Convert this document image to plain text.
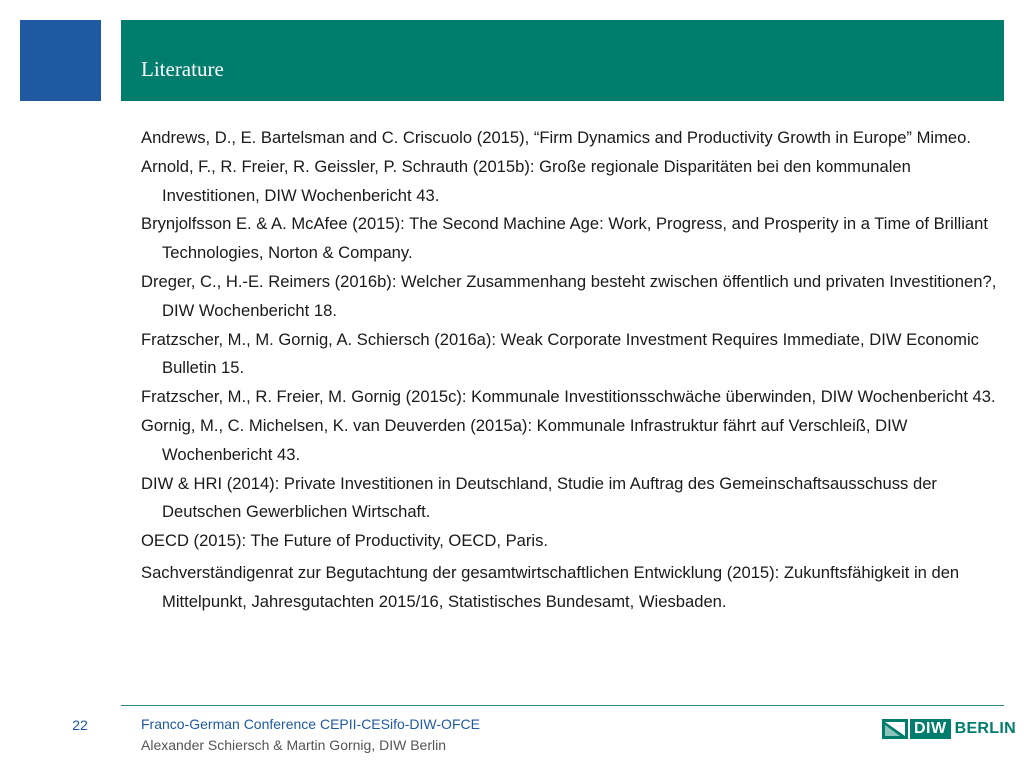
Literature

Andrews, D., E. Bartelsman and C. Criscuolo (2015), “Firm Dynamics and Productivity Growth in Europe” Mimeo.

Arnold, F., R. Freier, R. Geissler, P. Schrauth (2015b): Große regionale Disparitäten bei den kommunalen Investitionen, DIW Wochenbericht 43.

Brynjolfsson E. & A. McAfee (2015): The Second Machine Age: Work, Progress, and Prosperity in a Time of Brilliant Technologies, Norton & Company.

Dreger, C., H.-E. Reimers (2016b): Welcher Zusammenhang besteht zwischen öffentlich und privaten Investitionen?, DIW Wochenbericht 18.

Fratzscher, M., M. Gornig, A. Schiersch (2016a): Weak Corporate Investment Requires Immediate, DIW Economic Bulletin 15.

Fratzscher, M., R. Freier, M. Gornig (2015c): Kommunale Investitionsschwäche überwinden, DIW Wochenbericht 43.

Gornig, M., C. Michelsen, K. van Deuverden (2015a): Kommunale Infrastruktur fährt auf Verschleiß, DIW Wochenbericht 43.

DIW & HRI (2014): Private Investitionen in Deutschland, Studie im Auftrag des Gemeinschaftsausschuss der Deutschen Gewerblichen Wirtschaft.

OECD (2015): The Future of Productivity, OECD, Paris.

Sachverständigenrat zur Begutachtung der gesamtwirtschaftlichen Entwicklung (2015): Zukunftsfähigkeit in den Mittelpunkt, Jahresgutachten 2015/16, Statistisches Bundesamt, Wiesbaden.

22	Franco-German Conference CEPII-CESifo-DIW-OFCE
Alexander Schiersch & Martin Gornig, DIW Berlin
DIW BERLIN
